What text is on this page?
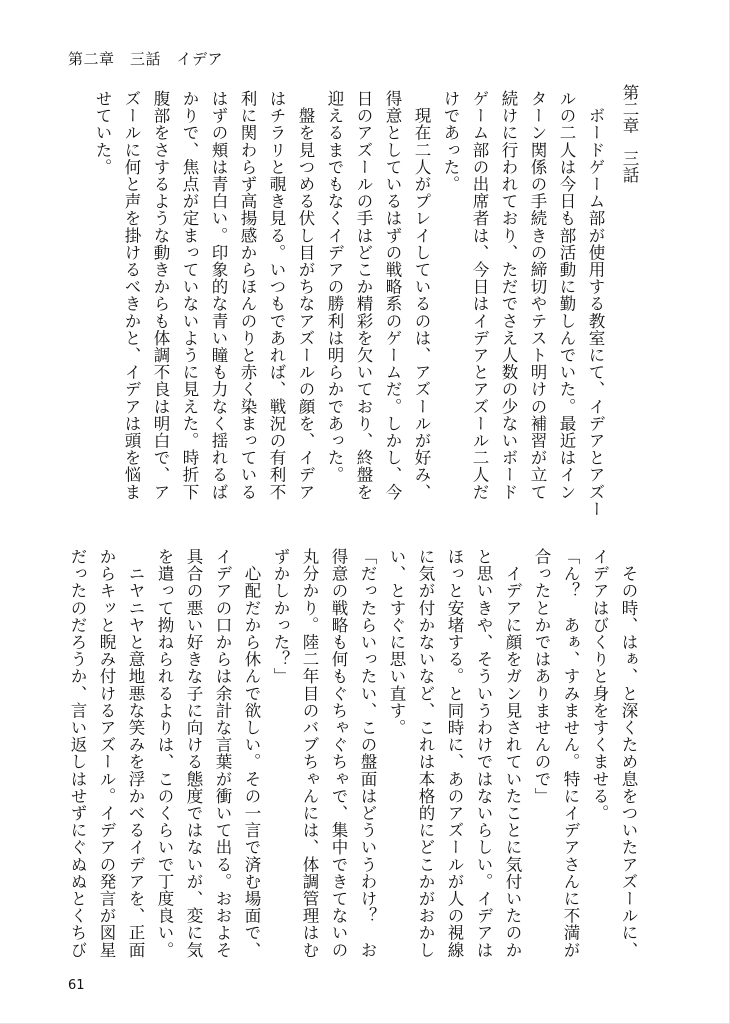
第二章　三話　イデア
第二章　三話
　ボードゲーム部が使用する教室にて、イデアとアズー
ルの二人は今日も部活動に勤しんでいた。最近はイン
ターン関係の手続きの締切やテスト明けの補習が立て
続けに行われており、ただでさえ人数の少ないボード
ゲーム部の出席者は、今日はイデアとアズール二人だ
けであった。
　現在二人がプレイしているのは、アズールが好み、
得意としているはずの戦略系のゲームだ。しかし、今
日のアズールの手はどこか精彩を欠いており、終盤を
迎えるまでもなくイデアの勝利は明らかであった。
　盤を見つめる伏し目がちなアズールの顔を、イデア
はチラリと覗き見る。いつもであれば、戦況の有利不
利に関わらず高揚感からほんのりと赤く染まっている
はずの頬は青白い。印象的な青い瞳も力なく揺れるば
かりで、焦点が定まっていないように見えた。時折下
腹部をさするような動きからも体調不良は明白で、ア
ズールに何と声を掛けるべきかと、イデアは頭を悩ま
せていた。
　その時、はぁ、と深くため息をついたアズールに、
イデアはびくりと身をすくませる。
「ん？　あぁ、すみません。特にイデアさんに不満が
合ったとかではありませんので」
　イデアに顔をガン見されていたことに気付いたのか
と思いきや、そういうわけではないらしい。イデアは
ほっと安堵する。と同時に、あのアズールが人の視線
に気が付かないなど、これは本格的にどこかがおかし
い、とすぐに思い直す。
「だったらいったい、この盤面はどういうわけ？　お
得意の戦略も何もぐちゃぐちゃで、集中できてないの
丸分かり。陸二年目のバブちゃんには、体調管理はむ
ずかしかった？」
　心配だから休んで欲しい。その一言で済む場面で、
イデアの口からは余計な言葉が衝いて出る。おおよそ
具合の悪い好きな子に向ける態度ではないが、変に気
を遣って拗ねられるよりは、このくらいで丁度良い。
　ニヤニヤと意地悪な笑みを浮かべるイデアを、正面
からキッと睨み付けるアズール。イデアの発言が図星
だったのだろうか、言い返しはせずにぐぬぬとくちび
61
